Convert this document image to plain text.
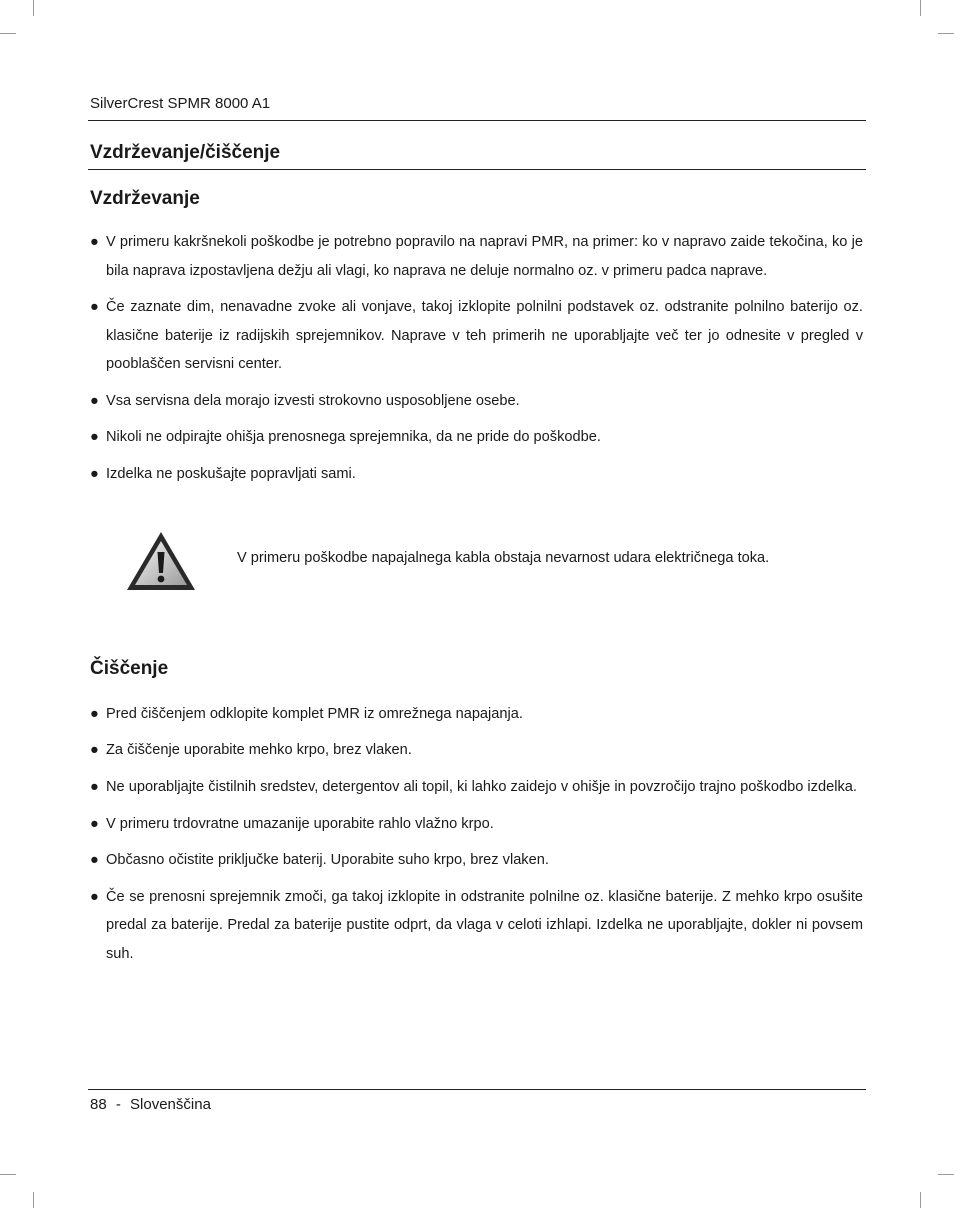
SilverCrest SPMR 8000 A1
Vzdrževanje/čiščenje
Vzdrževanje
● V primeru kakršnekoli poškodbe je potrebno popravilo na napravi PMR, na primer: ko v napravo zaide tekočina, ko je bila naprava izpostavljena dežju ali vlagi, ko naprava ne deluje normalno oz. v primeru padca naprave.
● Če zaznate dim, nenavadne zvoke ali vonjave, takoj izklopite polnilni podstavek oz. odstranite polnilno baterijo oz. klasične baterije iz radijskih sprejemnikov. Naprave v teh primerih ne uporabljajte več ter jo odnesite v pregled v pooblaščen servisni center.
● Vsa servisna dela morajo izvesti strokovno usposobljene osebe.
● Nikoli ne odpirajte ohišja prenosnega sprejemnika, da ne pride do poškodbe.
● Izdelka ne poskušajte popravljati sami.
V primeru poškodbe napajalnega kabla obstaja nevarnost udara električnega toka.
Čiščenje
● Pred čiščenjem odklopite komplet PMR iz omrežnega napajanja.
● Za čiščenje uporabite mehko krpo, brez vlaken.
● Ne uporabljajte čistilnih sredstev, detergentov ali topil, ki lahko zaidejo v ohišje in povzročijo trajno poškodbo izdelka.
● V primeru trdovratne umazanije uporabite rahlo vlažno krpo.
● Občasno očistite priključke baterij. Uporabite suho krpo, brez vlaken.
● Če se prenosni sprejemnik zmoči, ga takoj izklopite in odstranite polnilne oz. klasične baterije. Z mehko krpo osušite predal za baterije. Predal za baterije pustite odprt, da vlaga v celoti izhlapi. Izdelka ne uporabljajte, dokler ni povsem suh.
88 - Slovenščina
